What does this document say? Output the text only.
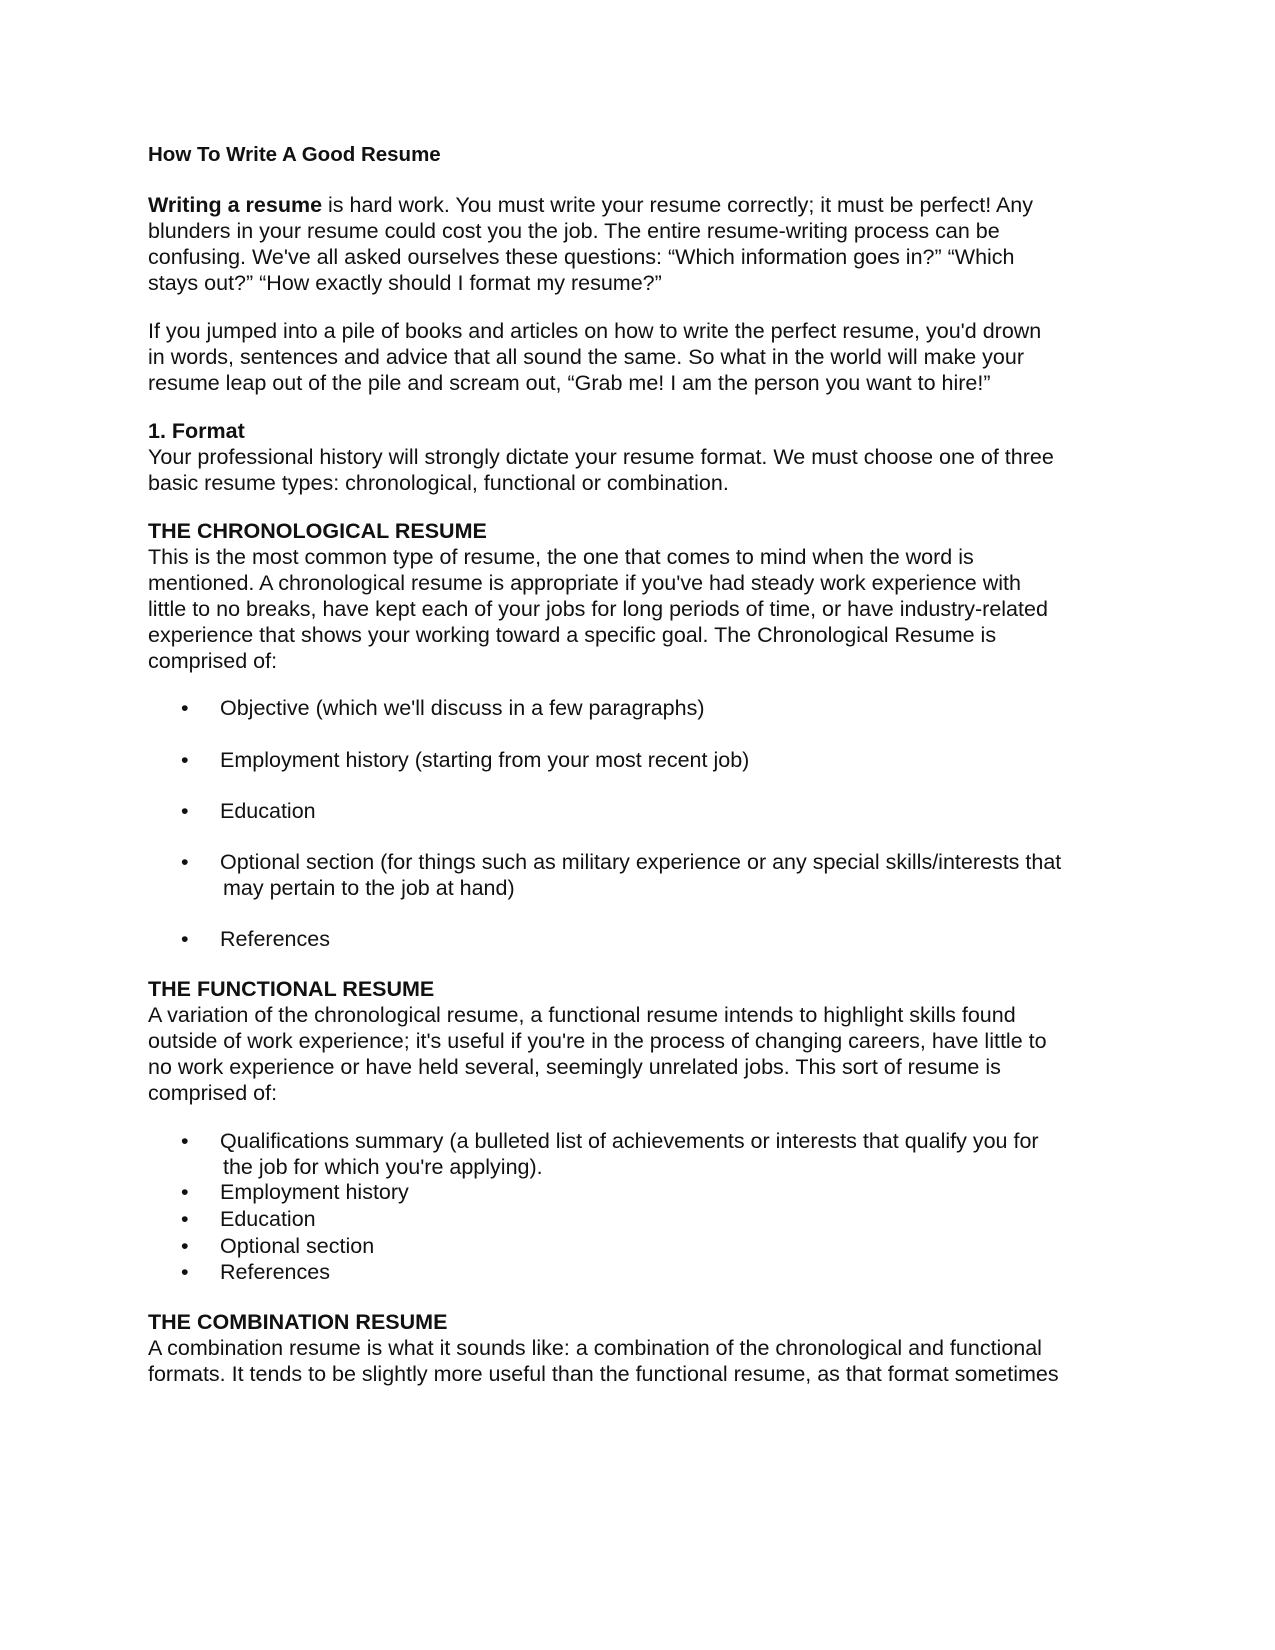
How To Write A Good Resume
Writing a resume is hard work. You must write your resume correctly; it must be perfect! Any
blunders in your resume could cost you the job. The entire resume-writing process can be
confusing. We've all asked ourselves these questions: “Which information goes in?” “Which
stays out?” “How exactly should I format my resume?”
If you jumped into a pile of books and articles on how to write the perfect resume, you'd drown
in words, sentences and advice that all sound the same. So what in the world will make your
resume leap out of the pile and scream out, “Grab me! I am the person you want to hire!”
1. Format
Your professional history will strongly dictate your resume format. We must choose one of three
basic resume types: chronological, functional or combination.
THE CHRONOLOGICAL RESUME
This is the most common type of resume, the one that comes to mind when the word is
mentioned. A chronological resume is appropriate if you've had steady work experience with
little to no breaks, have kept each of your jobs for long periods of time, or have industry-related
experience that shows your working toward a specific goal. The Chronological Resume is
comprised of:
•	Objective (which we'll discuss in a few paragraphs)
•	Employment history (starting from your most recent job)
•	Education
•	Optional section (for things such as military experience or any special skills/interests that
may pertain to the job at hand)
•	References
THE FUNCTIONAL RESUME
A variation of the chronological resume, a functional resume intends to highlight skills found
outside of work experience; it's useful if you're in the process of changing careers, have little to
no work experience or have held several, seemingly unrelated jobs. This sort of resume is
comprised of:
•	Qualifications summary (a bulleted list of achievements or interests that qualify you for
the job for which you're applying).
•	Employment history
•	Education
•	Optional section
•	References
THE COMBINATION RESUME
A combination resume is what it sounds like: a combination of the chronological and functional
formats. It tends to be slightly more useful than the functional resume, as that format sometimes
